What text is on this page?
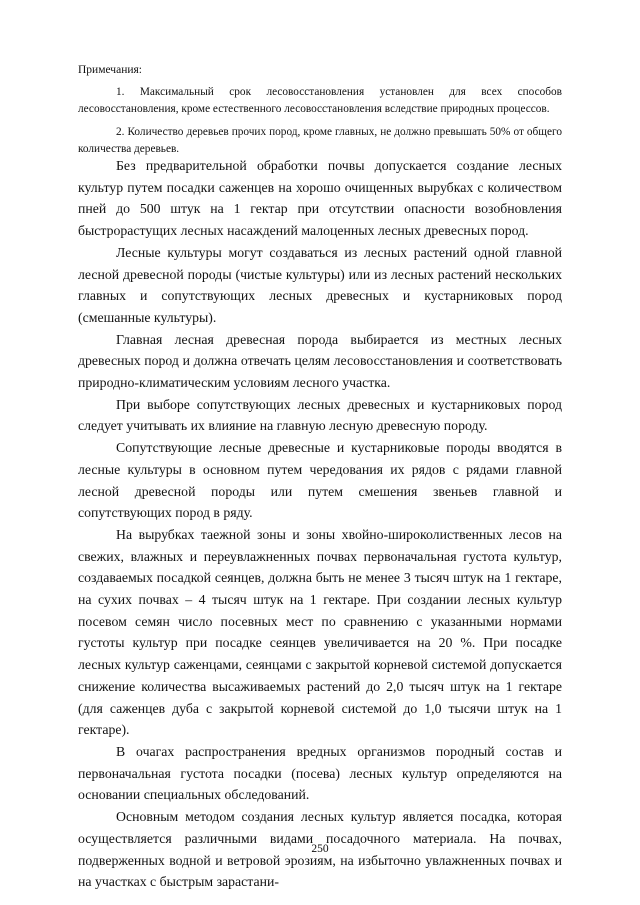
Примечания:

1. Максимальный срок лесовосстановления установлен для всех способов лесовосстановления, кроме естественного лесовосстановления вследствие природных процессов.

2. Количество деревьев прочих пород, кроме главных, не должно превышать 50% от общего количества деревьев.

Без предварительной обработки почвы допускается создание лесных культур путем посадки саженцев на хорошо очищенных вырубках с количеством пней до 500 штук на 1 гектар при отсутствии опасности возобновления быстрорастущих лесных насаждений малоценных лесных древесных пород.

Лесные культуры могут создаваться из лесных растений одной главной лесной древесной породы (чистые культуры) или из лесных растений нескольких главных и сопутствующих лесных древесных и кустарниковых пород (смешанные культуры).

Главная лесная древесная порода выбирается из местных лесных древесных пород и должна отвечать целям лесовосстановления и соответствовать природно-климатическим условиям лесного участка.

При выборе сопутствующих лесных древесных и кустарниковых пород следует учитывать их влияние на главную лесную древесную породу.

Сопутствующие лесные древесные и кустарниковые породы вводятся в лесные культуры в основном путем чередования их рядов с рядами главной лесной древесной породы или путем смешения звеньев главной и сопутствующих пород в ряду.

На вырубках таежной зоны и зоны хвойно-широколиственных лесов на свежих, влажных и переувлажненных почвах первоначальная густота культур, создаваемых посадкой сеянцев, должна быть не менее 3 тысяч штук на 1 гектаре, на сухих почвах – 4 тысяч штук на 1 гектаре. При создании лесных культур посевом семян число посевных мест по сравнению с указанными нормами густоты культур при посадке сеянцев увеличивается на 20 %. При посадке лесных культур саженцами, сеянцами с закрытой корневой системой допускается снижение количества высаживаемых растений до 2,0 тысяч штук на 1 гектаре (для саженцев дуба с закрытой корневой системой до 1,0 тысячи штук на 1 гектаре).

В очагах распространения вредных организмов породный состав и первоначальная густота посадки (посева) лесных культур определяются на основании специальных обследований.

Основным методом создания лесных культур является посадка, которая осуществляется различными видами посадочного материала. На почвах, подверженных водной и ветровой эрозиям, на избыточно увлажненных почвах и на участках с быстрым зарастани-

250
